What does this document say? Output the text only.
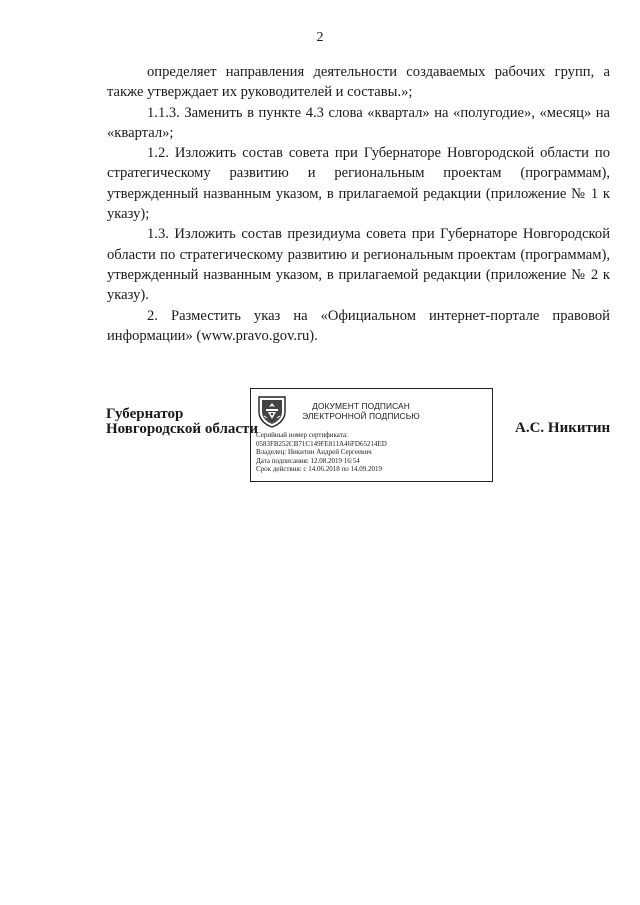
2

определяет направления деятельности создаваемых рабочих групп, а также утверждает их руководителей и составы.»;

1.1.3. Заменить в пункте 4.3 слова «квартал» на «полугодие», «месяц» на «квартал»;

1.2. Изложить состав совета при Губернаторе Новгородской области по стратегическому развитию и региональным проектам (программам), утвержденный названным указом, в прилагаемой редакции (приложение № 1 к указу);

1.3. Изложить состав президиума совета при Губернаторе Новгородской области по стратегическому развитию и региональным проектам (программам), утвержденный названным указом, в прилагаемой редакции (приложение № 2 к указу).

2. Разместить указ на «Официальном интернет-портале правовой информации» (www.pravo.gov.ru).

Губернатор
Новгородской области
ДОКУМЕНТ ПОДПИСАН
ЭЛЕКТРОННОЙ ПОДПИСЬЮ
Серийный номер сертификата:
0583FB252CB71C149FE811A46FD65214ED
Владелец: Никитин Андрей Сергеевич
Дата подписания: 12.08.2019 16:54
Срок действия: с 14.06.2018 по 14.09.2019
А.С. Никитин
